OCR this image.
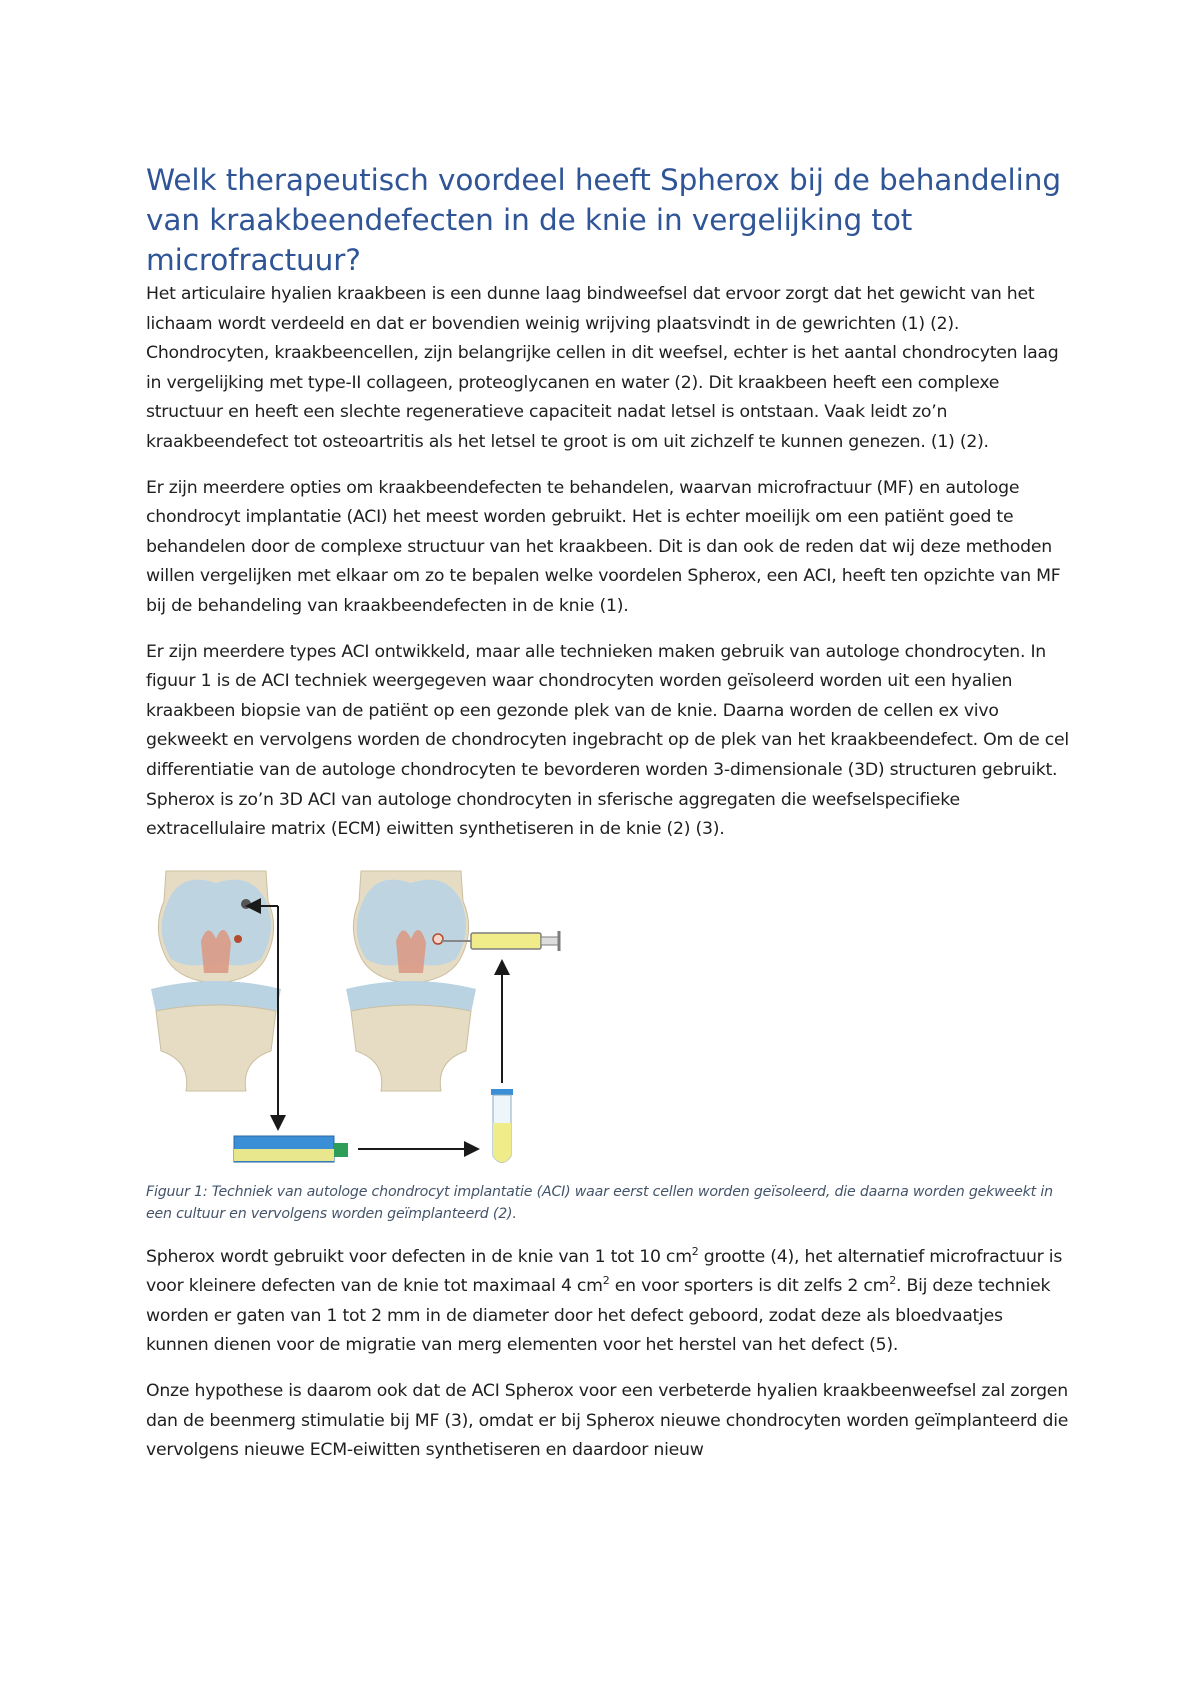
Welk therapeutisch voordeel heeft Spherox bij de behandeling van kraakbeendefecten in de knie in vergelijking tot microfractuur?

Het articulaire hyalien kraakbeen is een dunne laag bindweefsel dat ervoor zorgt dat het gewicht van het lichaam wordt verdeeld en dat er bovendien weinig wrijving plaatsvindt in de gewrichten (1) (2). Chondrocyten, kraakbeencellen, zijn belangrijke cellen in dit weefsel, echter is het aantal chondrocyten laag in vergelijking met type-II collageen, proteoglycanen en water (2). Dit kraakbeen heeft een complexe structuur en heeft een slechte regeneratieve capaciteit nadat letsel is ontstaan. Vaak leidt zo’n kraakbeendefect tot osteoartritis als het letsel te groot is om uit zichzelf te kunnen genezen. (1) (2).

Er zijn meerdere opties om kraakbeendefecten te behandelen, waarvan microfractuur (MF) en autologe chondrocyt implantatie (ACI) het meest worden gebruikt. Het is echter moeilijk om een patiënt goed te behandelen door de complexe structuur van het kraakbeen. Dit is dan ook de reden dat wij deze methoden willen vergelijken met elkaar om zo te bepalen welke voordelen Spherox, een ACI, heeft ten opzichte van MF bij de behandeling van kraakbeendefecten in de knie (1).

Er zijn meerdere types ACI ontwikkeld, maar alle technieken maken gebruik van autologe chondrocyten. In figuur 1 is de ACI techniek weergegeven waar chondrocyten worden geïsoleerd worden uit een hyalien kraakbeen biopsie van de patiënt op een gezonde plek van de knie. Daarna worden de cellen ex vivo gekweekt en vervolgens worden de chondrocyten ingebracht op de plek van het kraakbeendefect. Om de cel differentiatie van de autologe chondrocyten te bevorderen worden 3-dimensionale (3D) structuren gebruikt. Spherox is zo’n 3D ACI van autologe chondrocyten in sferische aggregaten die weefselspecifieke extracellulaire matrix (ECM) eiwitten synthetiseren in de knie (2) (3).

Figuur 1: Techniek van autologe chondrocyt implantatie (ACI) waar eerst cellen worden geïsoleerd, die daarna worden gekweekt in een cultuur en vervolgens worden geïmplanteerd (2).

Spherox wordt gebruikt voor defecten in de knie van 1 tot 10 $cm^2$ grootte (4), het alternatief microfractuur is voor kleinere defecten van de knie tot maximaal 4 $cm^2$ en voor sporters is dit zelfs 2 $cm^2$. Bij deze techniek worden er gaten van 1 tot 2 mm in de diameter door het defect geboord, zodat deze als bloedvaatjes kunnen dienen voor de migratie van merg elementen voor het herstel van het defect (5).

Onze hypothese is daarom ook dat de ACI Spherox voor een verbeterde hyalien kraakbeenweefsel zal zorgen dan de beenmerg stimulatie bij MF (3), omdat er bij Spherox nieuwe chondrocyten worden geïmplanteerd die vervolgens nieuwe ECM-eiwitten synthetiseren en daardoor nieuw
